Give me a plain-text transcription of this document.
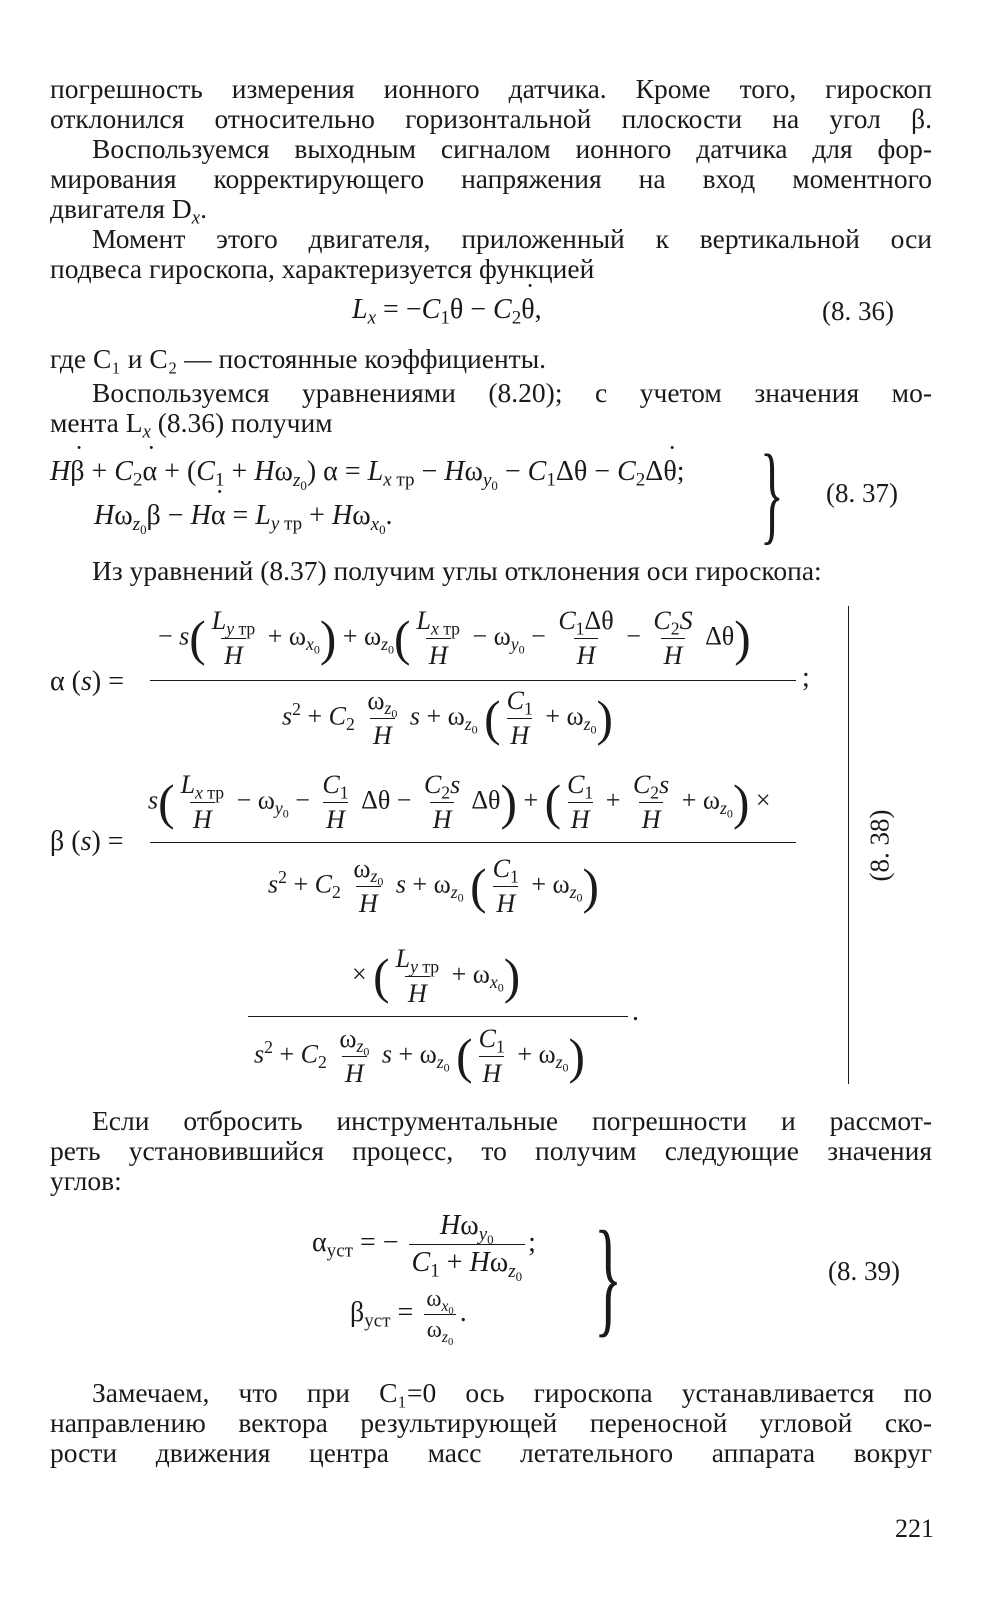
погрешность измерения ионного датчика. Кроме того, гироскоп

отклонился относительно горизонтальной плоскости на угол β.

Воспользуемся выходным сигналом ионного датчика для фор-

мирования корректирующего напряжения на вход моментного

двигателя $D_x$.

Момент этого двигателя, приложенный к вертикальной оси

подвеса гироскопа, характеризуется функцией

$L_x = -C_1\theta - C_2\theta$ ˙,	(8. 36)

где C₁ и C₂ — постоянные коэффициенты.

Воспользуемся уравнениями (8.20); с учетом значения мо-

мента $L_x$ (8.36) получим

Hβ ˙ + $C_2\alpha$ ˙ + $(C_1 + H\omega_{z_0}) \alpha = L_{x тр} - H\omega_{y_0} - C_1\Delta\theta - C_2\Delta\theta$ ˙;
$H\omega_{z_0}\beta - H\alpha$ ˙ = $L_{y тр} + H\omega_{x_0}$.	} (8. 37)

Из уравнений (8.37) получим углы отклонения оси гироскопа:

α (s) =
− $s( \frac{L_{y тр}}{H} + \omega_{x_0}) + \omega_{z_0}( \frac{L_{x тр}}{H} - \omega_{y_0} - \frac{C_1\Delta\theta}{H} - \frac{C_2S}{H} \Delta\theta)$
;
$s^2 + C_2 \frac{\omega_{z_0}}{H}$ $s + \omega_{z_0}$ ( $\frac{C_1}{H} + \omega_{z_0}$)
β (s) =
$s( \frac{L_{x тр}}{H} - \omega_{y_0} - \frac{C_1}{H}$ $\Delta\theta - \frac{C_2s}{H} \Delta\theta$) + ( $\frac{C_1}{H} + \frac{C_2s}{H} + \omega_{z_0}$) ×
$s^2 + C_2 \frac{\omega_{z_0}}{H}$ $s + \omega_{z_0}$ ( $\frac{C_1}{H} + \omega_{z_0}$)
× ( $\frac{L_{y тр}}{H} + \omega_{x_0}$)
.
$s^2 + C_2 \frac{\omega_{z_0}}{H}$ $s + \omega_{z_0}$ ( $\frac{C_1}{H} + \omega_{z_0}$)
(8. 38)

Если отбросить инструментальные погрешности и рассмот-

реть установившийся процесс, то получим следующие значения

углов:

$\alpha_{уст}$ = − $\frac{H\omega_{y_0}}{C_1 + H\omega_{z_0}}$ ;
$\beta_{уст} = \frac{\omega_{x_0}}{\omega_{z_0}}$ . }	(8. 39)

Замечаем, что при C₁=0 ось гироскопа устанавливается по

направлению вектора результирующей переносной угловой ско-

рости движения центра масс летательного аппарата вокруг

221
